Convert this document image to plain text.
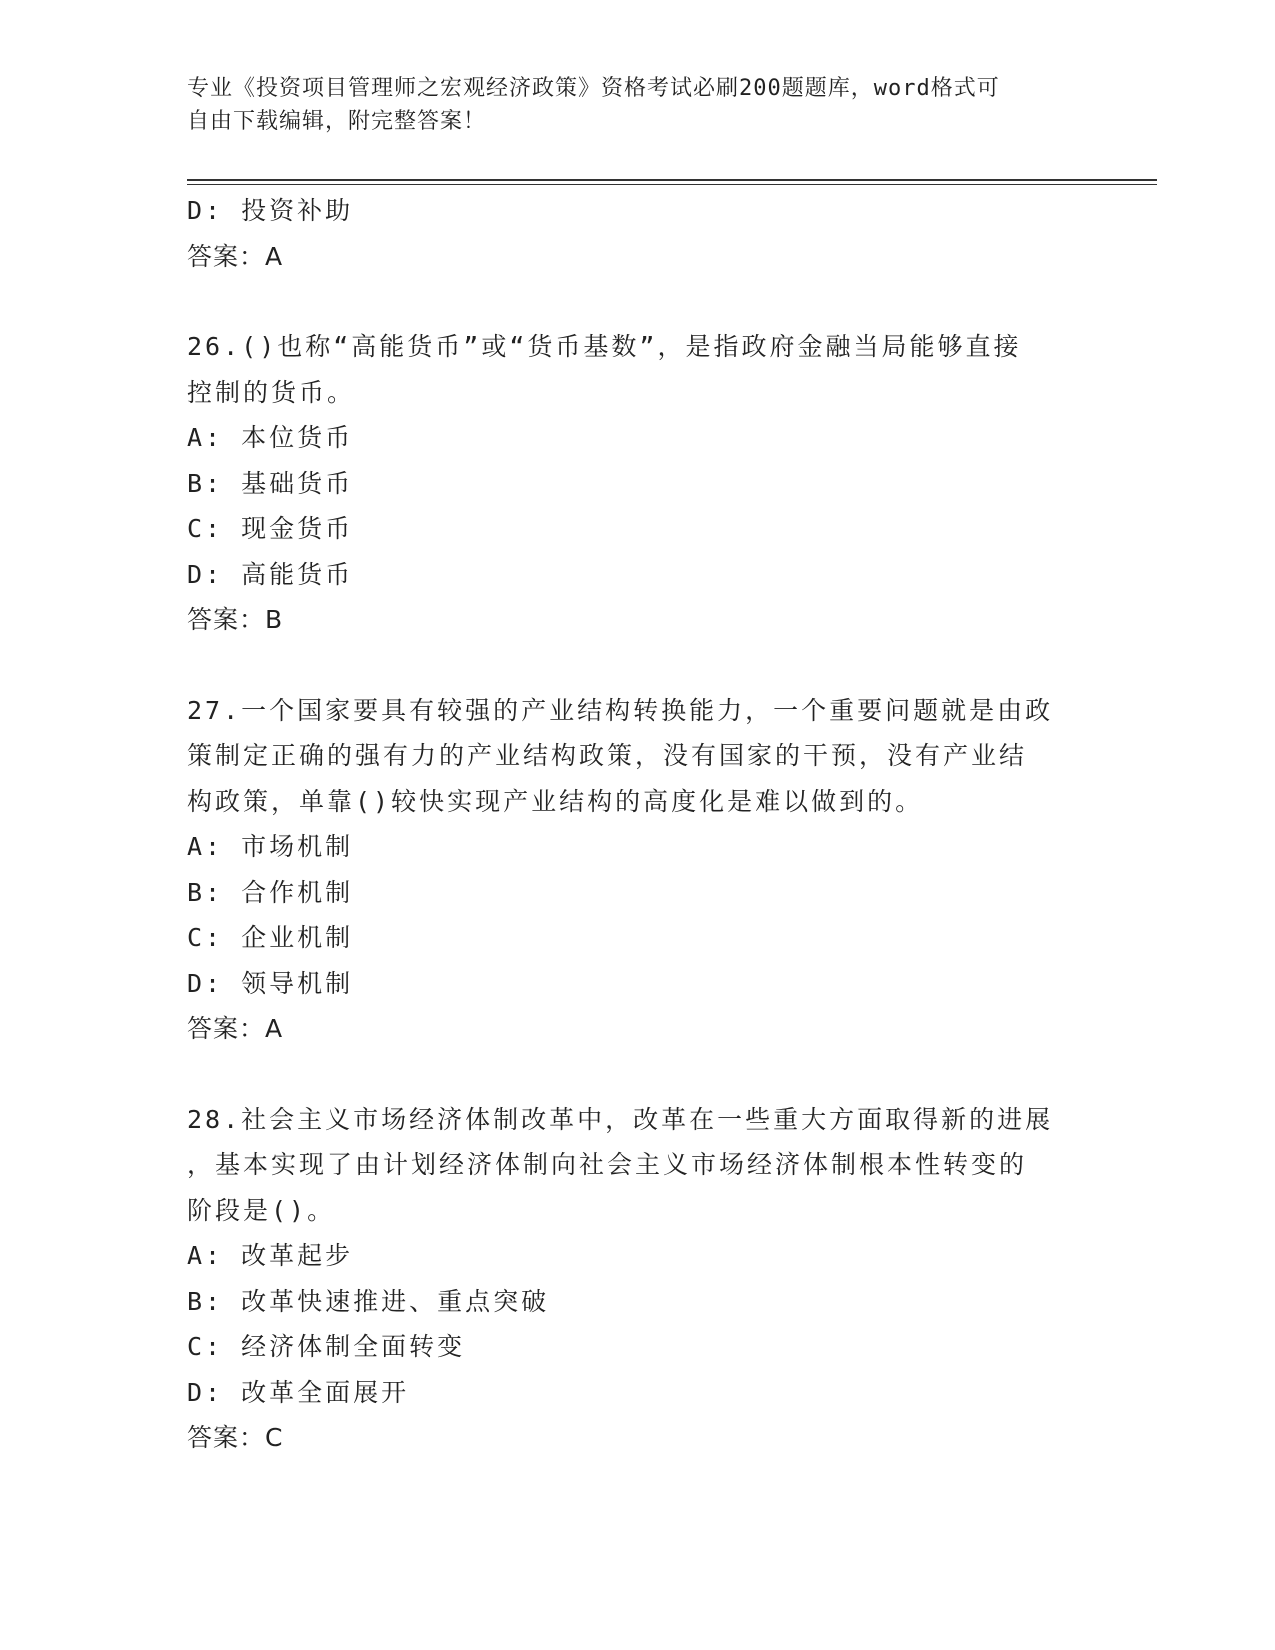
专业《投资项目管理师之宏观经济政策》资格考试必刷200题题库，word格式可
自由下载编辑，附完整答案！
D: 投资补助
答案：A
26.()也称“高能货币”或“货币基数”，是指政府金融当局能够直接
控制的货币。
A: 本位货币
B: 基础货币
C: 现金货币
D: 高能货币
答案：B
27.一个国家要具有较强的产业结构转换能力，一个重要问题就是由政
策制定正确的强有力的产业结构政策，没有国家的干预，没有产业结
构政策，单靠()较快实现产业结构的高度化是难以做到的。
A: 市场机制
B: 合作机制
C: 企业机制
D: 领导机制
答案：A
28.社会主义市场经济体制改革中，改革在一些重大方面取得新的进展
，基本实现了由计划经济体制向社会主义市场经济体制根本性转变的
阶段是()。
A: 改革起步
B: 改革快速推进、重点突破
C: 经济体制全面转变
D: 改革全面展开
答案：C
